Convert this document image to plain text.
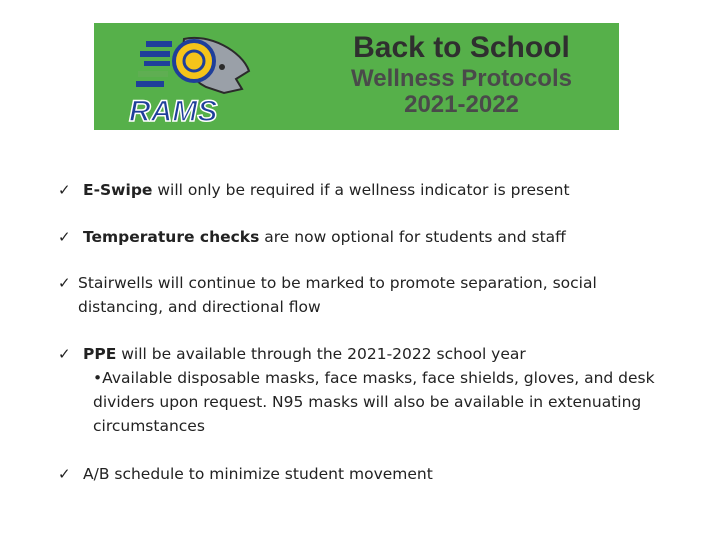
RAMS
Back to School
Wellness Protocols
2021-2022
✓ E-Swipe will only be required if a wellness indicator is present
✓ Temperature checks are now optional for students and staff
✓ Stairwells will continue to be marked to promote separation, social distancing, and directional flow
✓ PPE will be available through the 2021-2022 school year
•Available disposable masks, face masks, face shields, gloves, and desk dividers upon request. N95 masks will also be available in extenuating circumstances
✓ A/B schedule to minimize student movement
